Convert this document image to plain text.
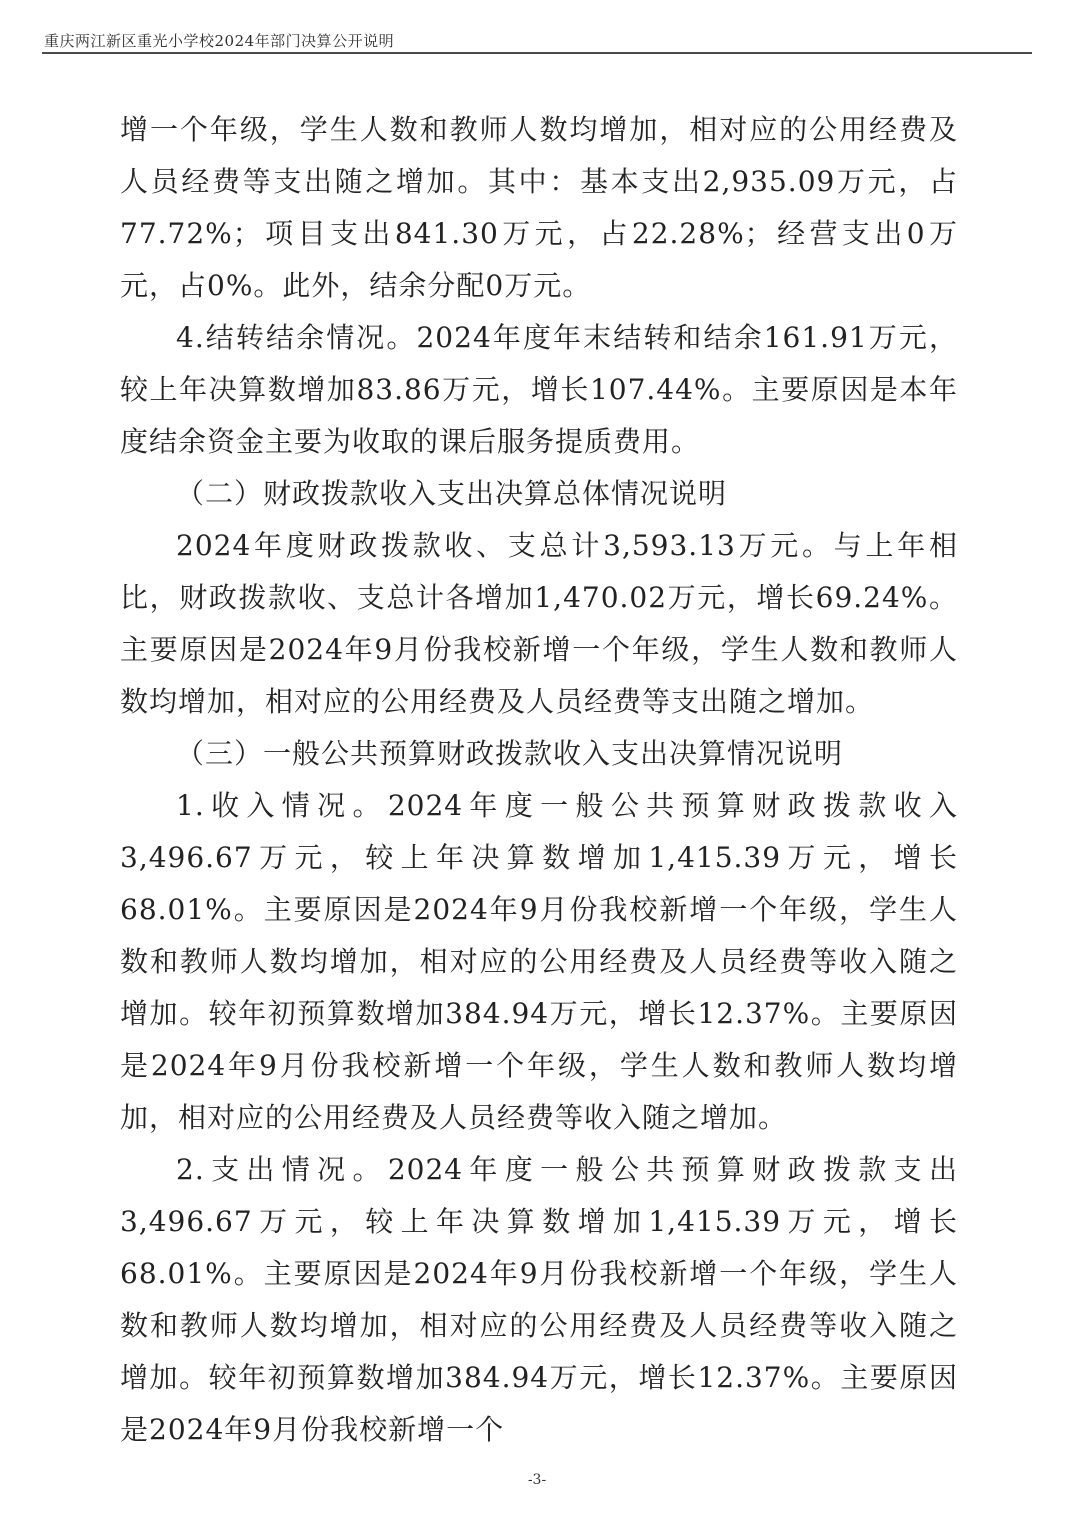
重庆两江新区重光小学校2024年部门决算公开说明

增一个年级，学生人数和教师人数均增加，相对应的公用经费及人员经费等支出随之增加。其中：基本支出2,935.09万元，占77.72%；项目支出841.30万元，占22.28%；经营支出0万元，占0%。此外，结余分配0万元。

4.结转结余情况。2024年度年末结转和结余161.91万元，较上年决算数增加83.86万元，增长107.44%。主要原因是本年度结余资金主要为收取的课后服务提质费用。

（二）财政拨款收入支出决算总体情况说明

2024年度财政拨款收、支总计3,593.13万元。与上年相比，财政拨款收、支总计各增加1,470.02万元，增长69.24%。主要原因是2024年9月份我校新增一个年级，学生人数和教师人数均增加，相对应的公用经费及人员经费等支出随之增加。

（三）一般公共预算财政拨款收入支出决算情况说明

1.收入情况。2024年度一般公共预算财政拨款收入3,496.67万元，较上年决算数增加1,415.39万元，增长68.01%。主要原因是2024年9月份我校新增一个年级，学生人数和教师人数均增加，相对应的公用经费及人员经费等收入随之增加。较年初预算数增加384.94万元，增长12.37%。主要原因是2024年9月份我校新增一个年级，学生人数和教师人数均增加，相对应的公用经费及人员经费等收入随之增加。

2.支出情况。2024年度一般公共预算财政拨款支出3,496.67万元，较上年决算数增加1,415.39万元，增长68.01%。主要原因是2024年9月份我校新增一个年级，学生人数和教师人数均增加，相对应的公用经费及人员经费等收入随之增加。较年初预算数增加384.94万元，增长12.37%。主要原因是2024年9月份我校新增一个

-3-
